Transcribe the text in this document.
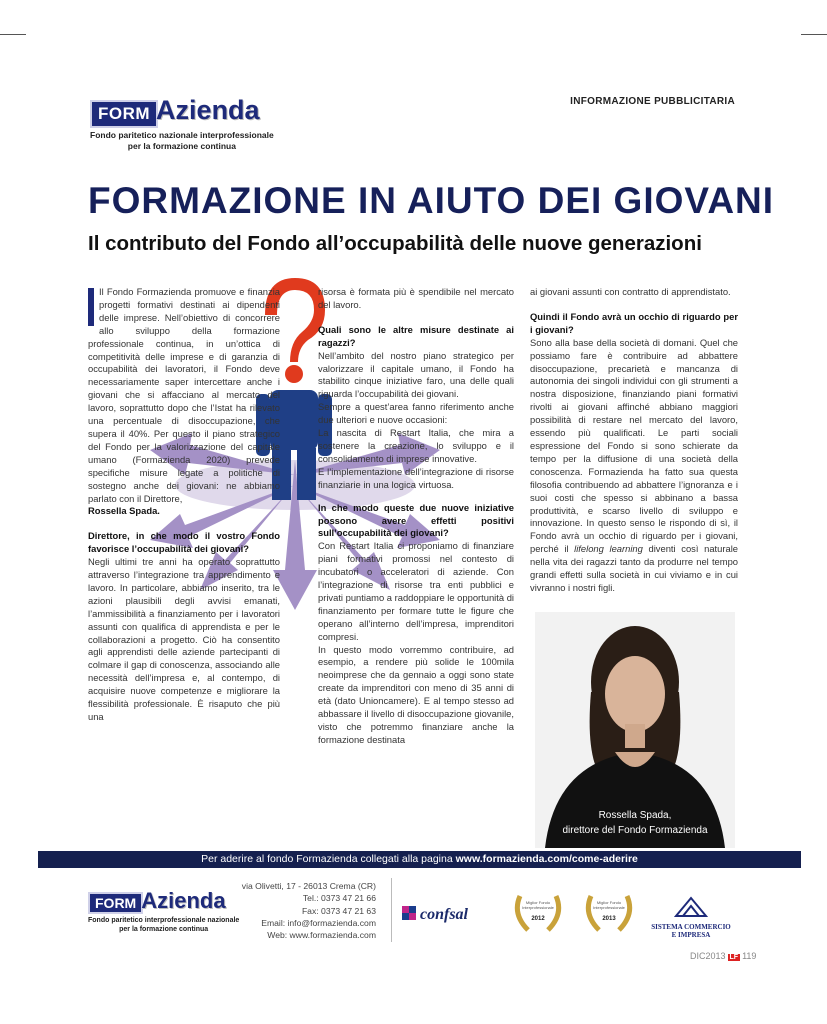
FORM Azienda
Fondo paritetico nazionale interprofessionale
per la formazione continua
INFORMAZIONE PUBBLICITARIA
FORMAZIONE IN AIUTO DEI GIOVANI
Il contributo del Fondo all’occupabilità delle nuove generazioni

Il Fondo Formazienda promuove e finanzia progetti formativi destinati ai dipendenti delle imprese. Nell’obiettivo di concorrere allo sviluppo della formazione professionale continua, in un’ottica di competitività delle imprese e di garanzia di occupabilità dei lavoratori, il Fondo deve necessariamente saper intercettare anche i giovani che si affacciano al mercato del lavoro, soprattutto dopo che l’Istat ha rilevato una percentuale di disoccupazione, che supera il 40%. Per questo il piano strategico del Fondo per la valorizzazione del capitale umano (Formazienda 2020) prevede specifiche misure legate a politiche di sostegno anche dei giovani: ne abbiamo parlato con il Direttore,

Rossella Spada.

Direttore, in che modo il vostro Fondo favorisce l’occupabilità dei giovani?

Negli ultimi tre anni ha operato soprattutto attraverso l’integrazione tra apprendimento e lavoro. In particolare, abbiamo inserito, tra le azioni plausibili degli avvisi emanati, l’ammissibilità a finanziamento per i lavoratori assunti con qualifica di apprendista e per le collaborazioni a progetto. Ciò ha consentito agli apprendisti delle aziende partecipanti di colmare il gap di conoscenza, associando alle necessità dell’impresa e, al contempo, di acquisire nuove competenze e migliorare la flessibilità professionale. È risaputo che più una

risorsa è formata più è spendibile nel mercato del lavoro.

Quali sono le altre misure destinate ai ragazzi?

Nell’ambito del nostro piano strategico per valorizzare il capitale umano, il Fondo ha stabilito cinque iniziative faro, una delle quali riguarda l’occupabilità dei giovani.

Sempre a quest’area fanno riferimento anche due ulteriori e nuove occasioni:

La nascita di Restart Italia, che mira a sostenere la creazione, lo sviluppo e il consolidamento di imprese innovative.

E l’implementazione dell’integrazione di risorse finanziarie in una logica virtuosa.

In che modo queste due nuove iniziative possono avere effetti positivi sull’occupabilità dei giovani?

Con Restart Italia ci proponiamo di finanziare piani formativi promossi nel contesto di incubatori o acceleratori di aziende. Con l’integrazione di risorse tra enti pubblici e privati puntiamo a raddoppiare le opportunità di finanziamento per formare tutte le figure che operano all’interno dell’impresa, imprenditori compresi.

In questo modo vorremmo contribuire, ad esempio, a rendere più solide le 100mila neoimprese che da gennaio a oggi sono state create da imprenditori con meno di 35 anni di età (dato Unioncamere). E al tempo stesso ad abbassare il livello di disoccupazione giovanile, visto che potremmo finanziare anche la formazione destinata

ai giovani assunti con contratto di apprendistato.

Quindi il Fondo avrà un occhio di riguardo per i giovani?

Sono alla base della società di domani. Quel che possiamo fare è contribuire ad abbattere disoccupazione, precarietà e mancanza di autonomia dei singoli individui con gli strumenti a nostra disposizione, finanziando piani formativi rivolti ai giovani affinché abbiano maggiori possibilità di restare nel mercato del lavoro, essendo più qualificati. Le parti sociali espressione del Fondo si sono schierate da tempo per la diffusione di una società della conoscenza. Formazienda ha fatto sua questa filosofia contribuendo ad abbattere l’ignoranza e i suoi costi che spesso si abbinano a bassa produttività, e scarso livello di sviluppo e innovazione. In questo senso le rispondo di sì, il Fondo avrà un occhio di riguardo per i giovani, perché il lifelong learning diventi così naturale nella vita dei ragazzi tanto da produrre nel tempo grandi effetti sulla società in cui viviamo e in cui vivranno i nostri figli.

Rossella Spada,
direttore del Fondo Formazienda
Per aderire al fondo Formazienda collegati alla pagina www.formazienda.com/come-aderire
FORM Azienda
Fondo paritetico interprofessionale nazionale
per la formazione continua
via Olivetti, 17 - 26013 Crema (CR)
Tel.: 0373 47 21 66
Fax: 0373 47 21 63
Email: info@formazienda.com
Web: www.formazienda.com
confsal
Miglior Fondo Interprofessionale
2012
Miglior Fondo Interprofessionale
2013
SISTEMA COMMERCIO
E IMPRESA
DIC2013 LF 119
